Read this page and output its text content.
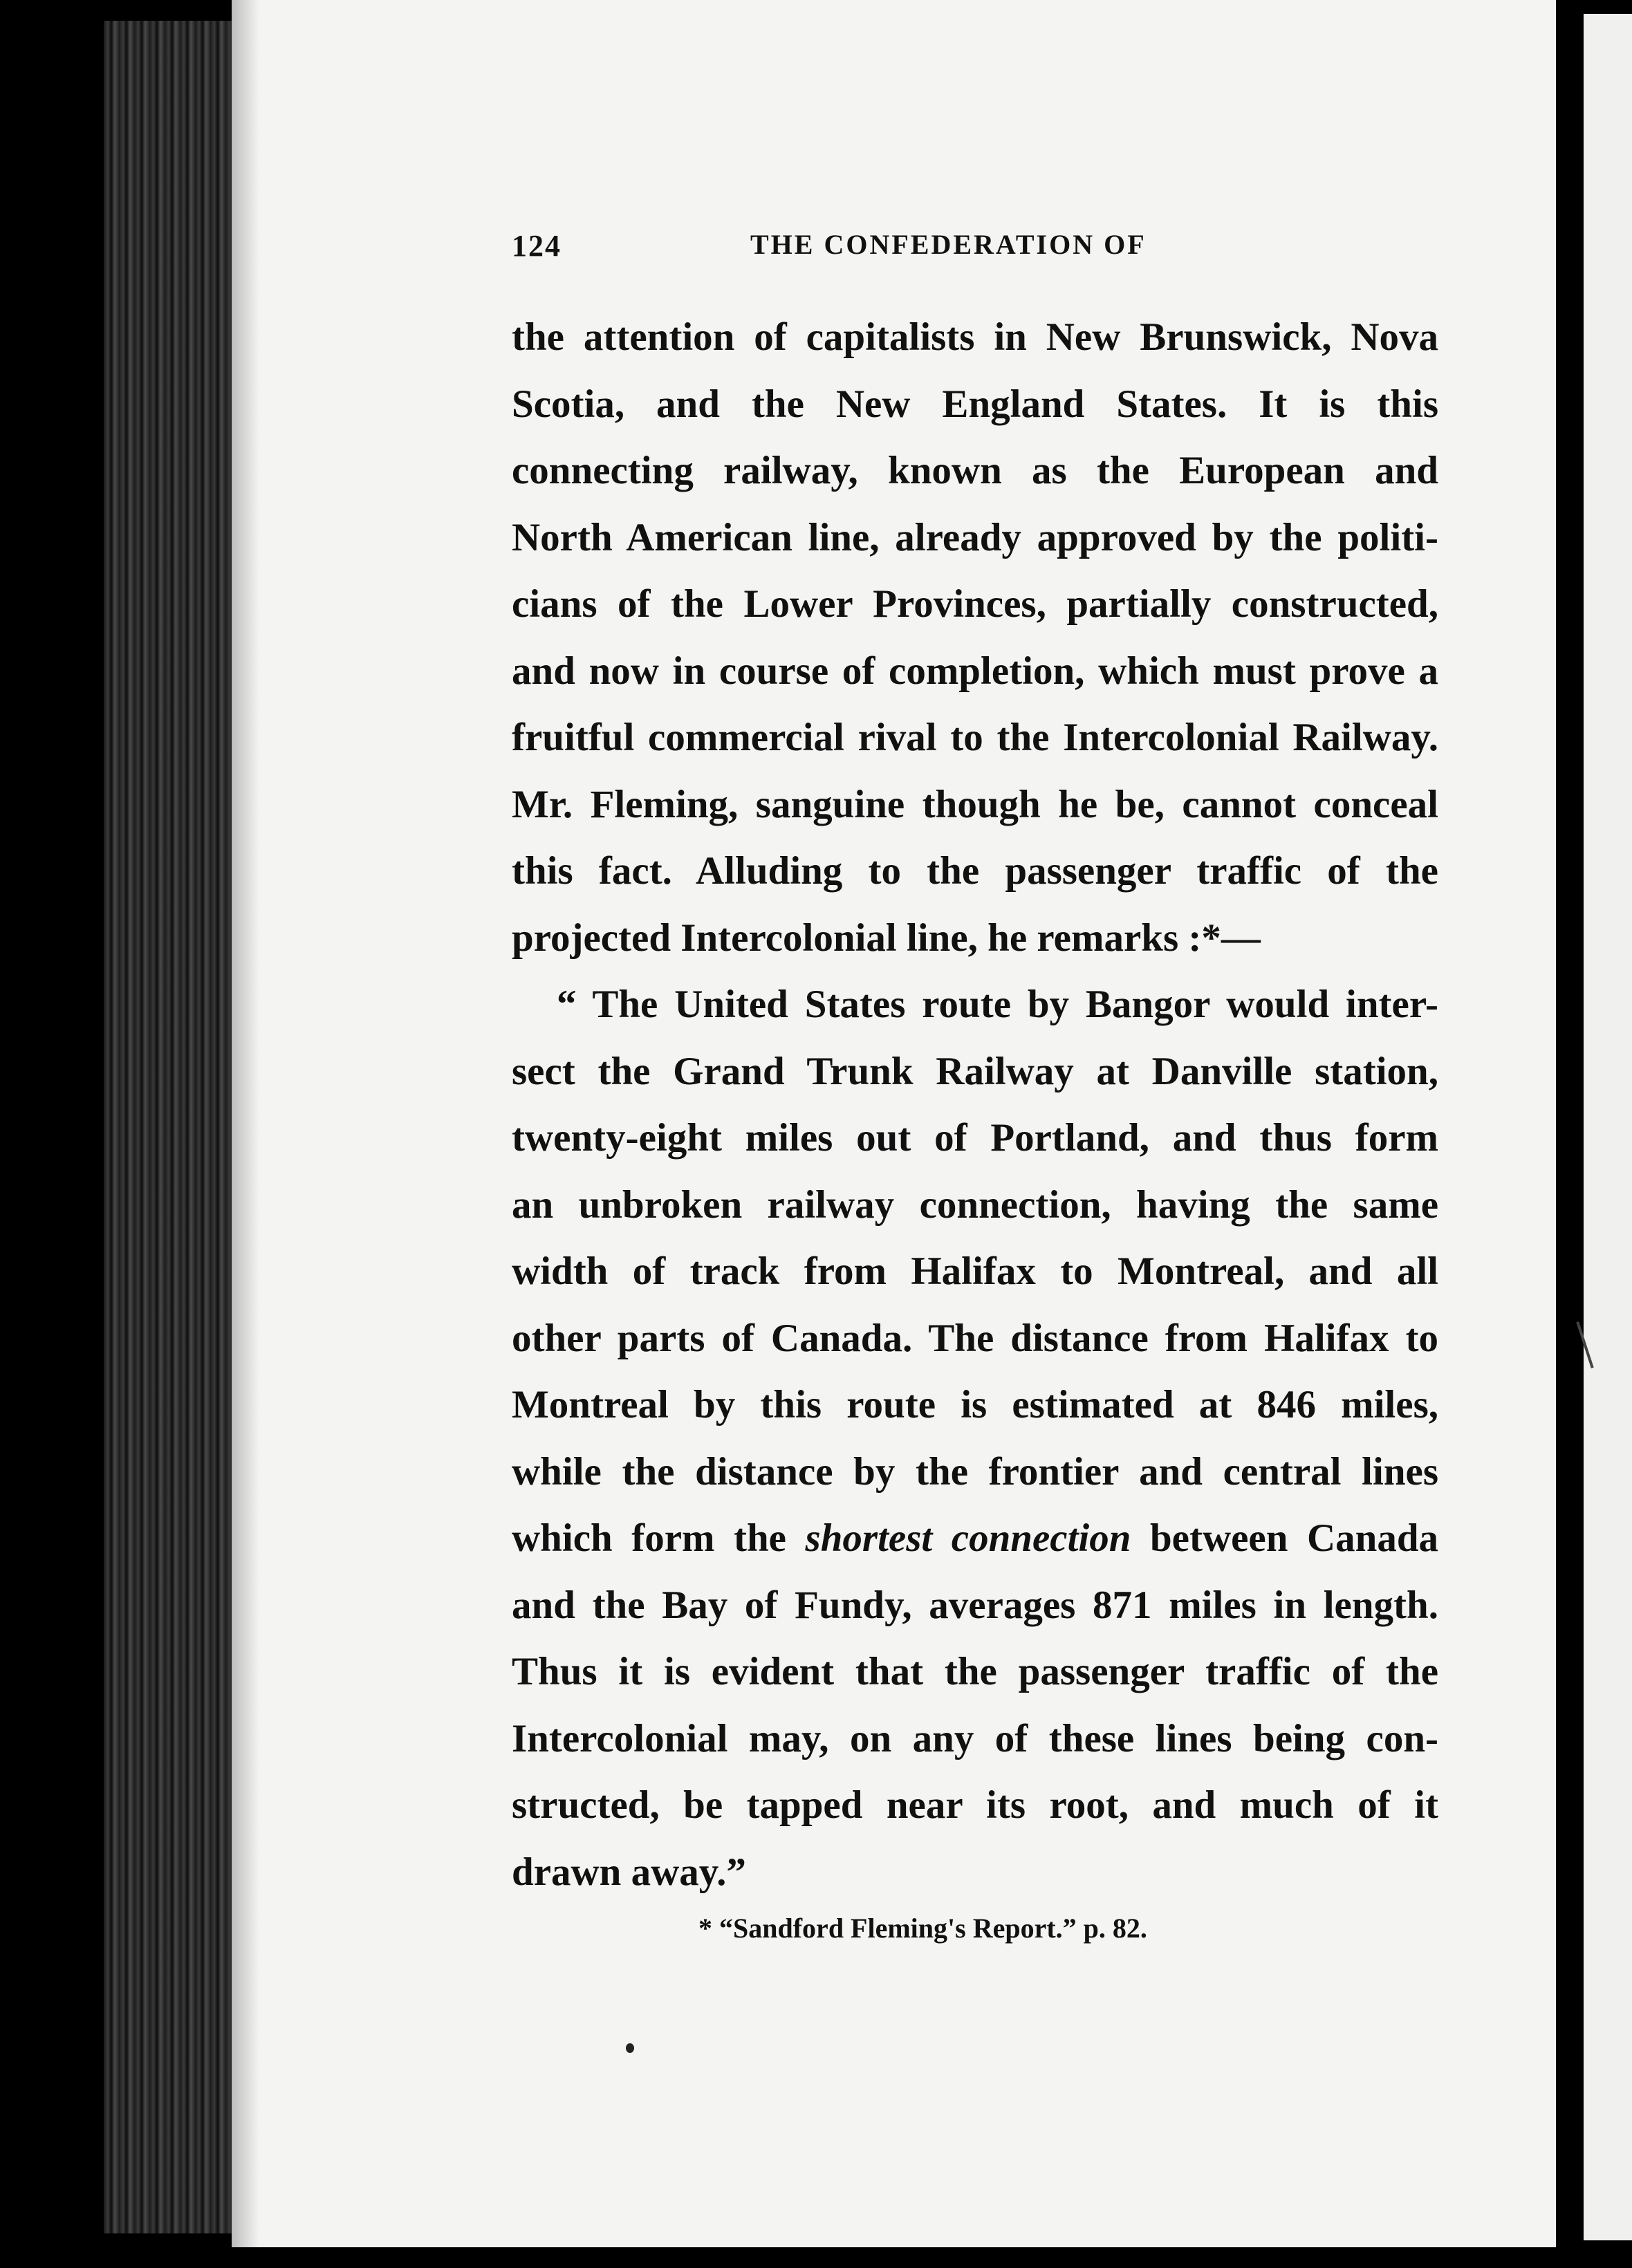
124	THE CONFEDERATION OF
the attention of capitalists in New Brunswick, Nova
Scotia, and the New England States. It is this
connecting railway, known as the European and
North American line, already approved by the politi-
cians of the Lower Provinces, partially constructed,
and now in course of completion, which must prove a
fruitful commercial rival to the Intercolonial Railway.
Mr. Fleming, sanguine though he be, cannot conceal
this fact. Alluding to the passenger traffic of the
projected Intercolonial line, he remarks :*—
“ The United States route by Bangor would inter-
sect the Grand Trunk Railway at Danville station,
twenty-eight miles out of Portland, and thus form
an unbroken railway connection, having the same
width of track from Halifax to Montreal, and all
other parts of Canada. The distance from Halifax to
Montreal by this route is estimated at 846 miles,
while the distance by the frontier and central lines
which form the shortest connection between Canada
and the Bay of Fundy, averages 871 miles in length.
Thus it is evident that the passenger traffic of the
Intercolonial may, on any of these lines being con-
structed, be tapped near its root, and much of it
drawn away.”
* “Sandford Fleming's Report.” p. 82.
